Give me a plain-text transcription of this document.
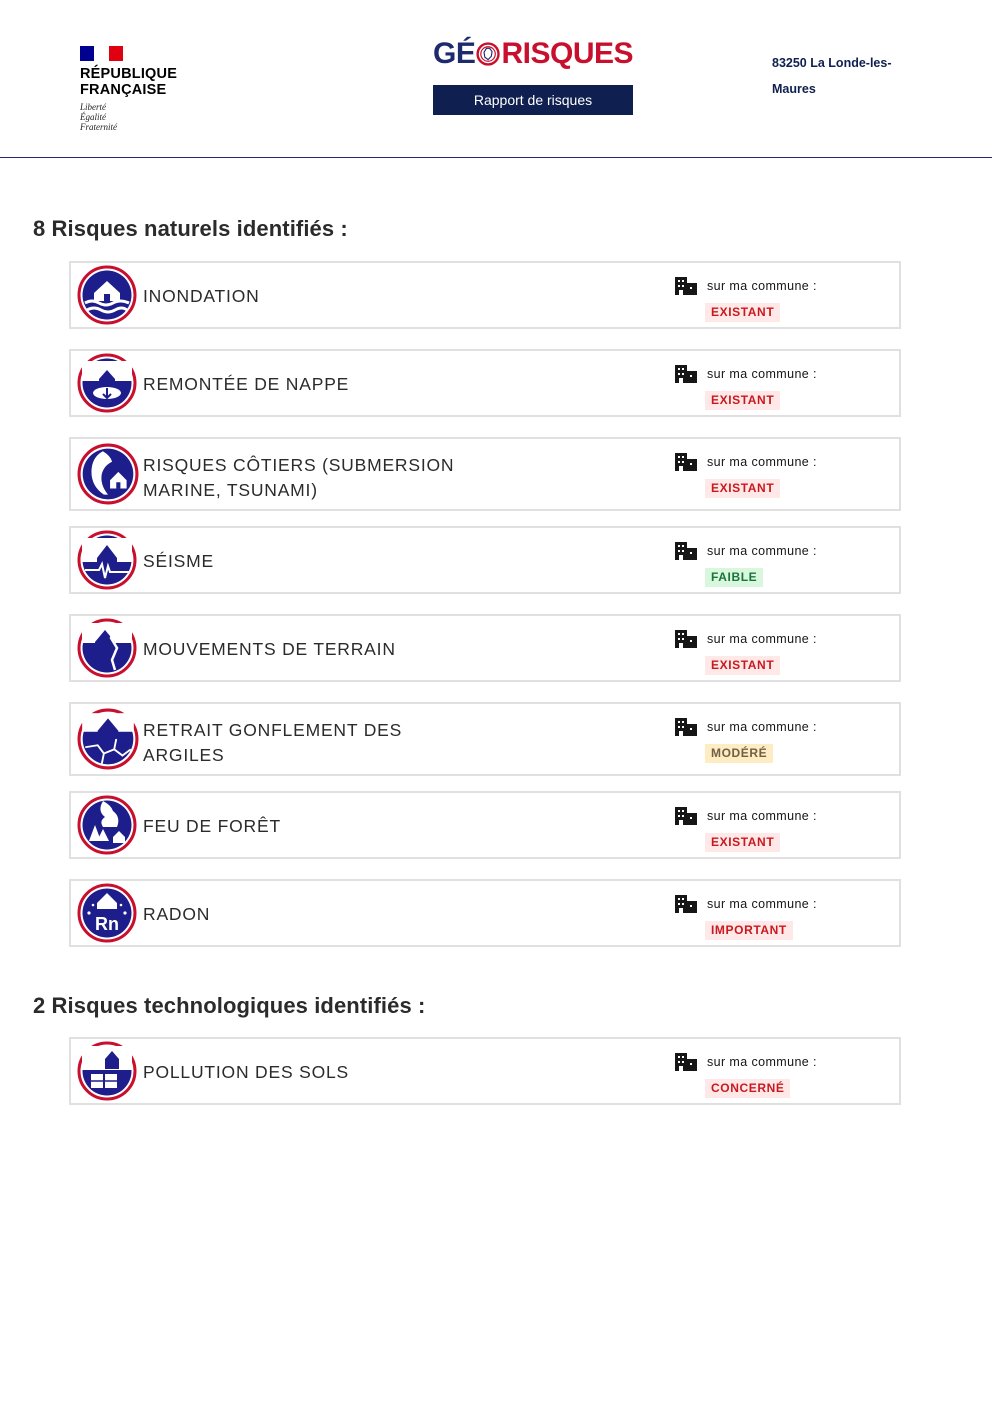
RÉPUBLIQUE
FRANÇAISE
Liberté
Égalité
Fraternité
GÉ RISQUES
Rapport de risques
83250 La Londe-les-
Maures
8 Risques naturels identifiés :
INONDATION	sur ma commune :
EXISTANT
REMONTÉE DE NAPPE	sur ma commune :
EXISTANT
RISQUES CÔTIERS (SUBMERSION
MARINE, TSUNAMI)
sur ma commune :
EXISTANT
SÉISME	sur ma commune :
FAIBLE
MOUVEMENTS DE TERRAIN	sur ma commune :
EXISTANT
RETRAIT GONFLEMENT DES
ARGILES
sur ma commune :
MODÉRÉ
FEU DE FORÊT	sur ma commune :
EXISTANT
Rn RADON	sur ma commune :
IMPORTANT
2 Risques technologiques identifiés :
POLLUTION DES SOLS	sur ma commune :
CONCERNÉ
